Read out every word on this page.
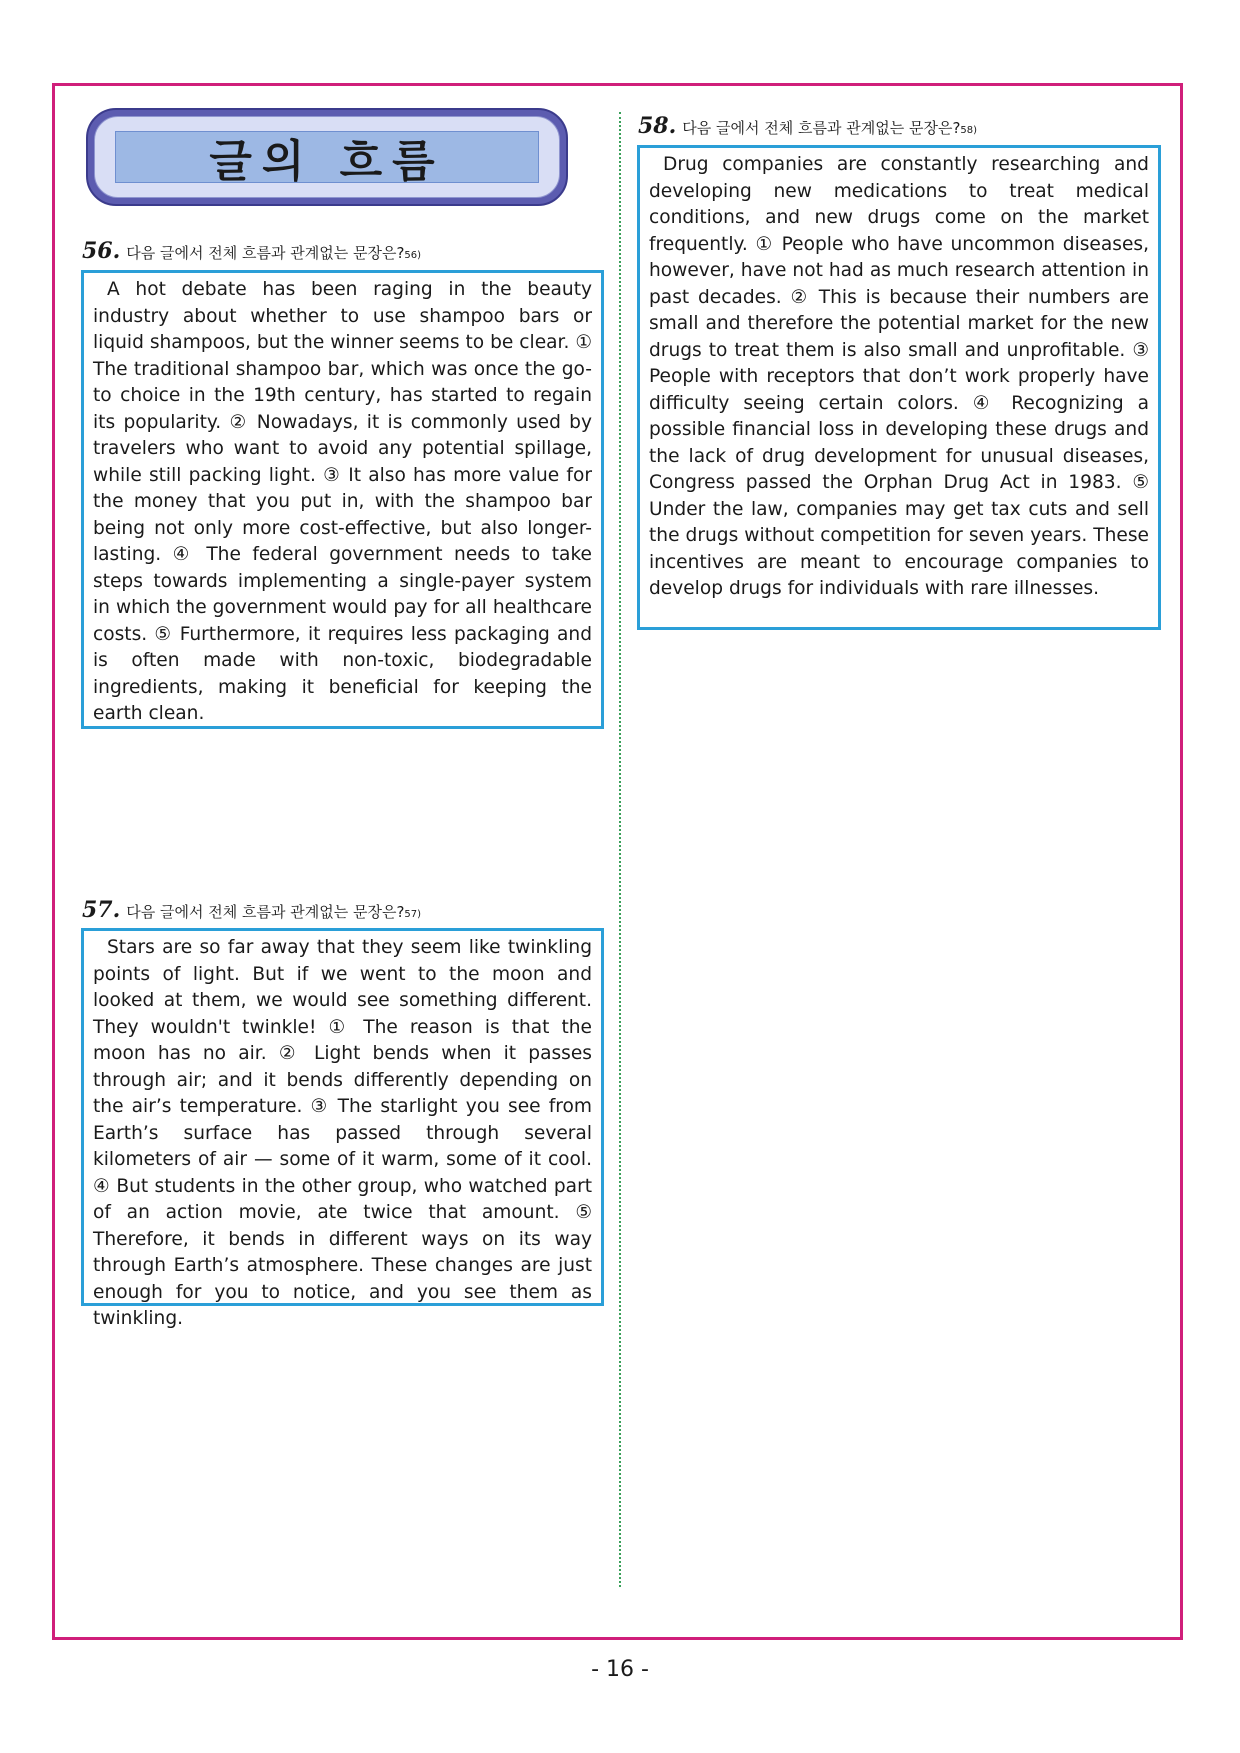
글의 흐름
56. 다음 글에서 전체 흐름과 관계없는 문장은? 56)
A hot debate has been raging in the beauty industry about whether to use shampoo bars or liquid shampoos, but the winner seems to be clear. ① The traditional shampoo bar, which was once the go-to choice in the 19th century, has started to regain its popularity. ② Nowadays, it is commonly used by travelers who want to avoid any potential spillage, while still packing light. ③ It also has more value for the money that you put in, with the shampoo bar being not only more cost-effective, but also longer-lasting. ④ The federal government needs to take steps towards implementing a single-payer system in which the government would pay for all healthcare costs. ⑤ Furthermore, it requires less packaging and is often made with non-toxic, biodegradable ingredients, making it beneficial for keeping the earth clean.
57. 다음 글에서 전체 흐름과 관계없는 문장은? 57)
Stars are so far away that they seem like twinkling points of light. But if we went to the moon and looked at them, we would see something different. They wouldn't twinkle! ① The reason is that the moon has no air. ② Light bends when it passes through air; and it bends differently depending on the air’s temperature. ③ The starlight you see from Earth’s surface has passed through several kilometers of air — some of it warm, some of it cool. ④ But students in the other group, who watched part of an action movie, ate twice that amount. ⑤ Therefore, it bends in different ways on its way through Earth’s atmosphere. These changes are just enough for you to notice, and you see them as twinkling.
58. 다음 글에서 전체 흐름과 관계없는 문장은? 58)
Drug companies are constantly researching and developing new medications to treat medical conditions, and new drugs come on the market frequently. ① People who have uncommon diseases, however, have not had as much research attention in past decades. ② This is because their numbers are small and therefore the potential market for the new drugs to treat them is also small and unprofitable. ③ People with receptors that don’t work properly have difficulty seeing certain colors. ④ Recognizing a possible financial loss in developing these drugs and the lack of drug development for unusual diseases, Congress passed the Orphan Drug Act in 1983. ⑤ Under the law, companies may get tax cuts and sell the drugs without competition for seven years. These incentives are meant to encourage companies to develop drugs for individuals with rare illnesses.
- 16 -
